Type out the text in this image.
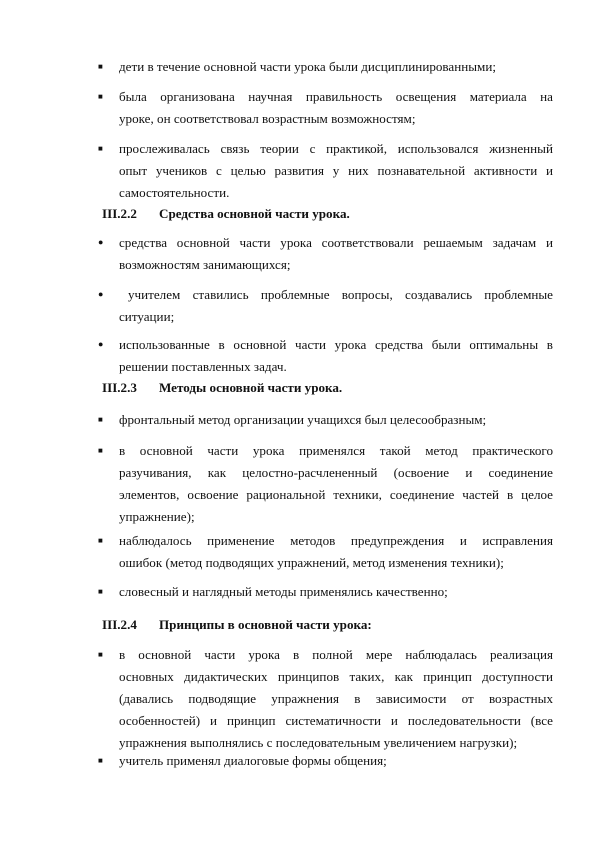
■	дети в течение основной части урока были дисциплинированными;
■	была организована научная правильность освещения материала на
уроке, он соответствовал возрастным возможностям;
■	прослеживалась связь теории с практикой, использовался жизненный
опыт учеников с целью развития у них познавательной активности и
самостоятельности.
III.2.2 Средства основной части урока.
●	средства основной части урока соответствовали решаемым задачам и
возможностям занимающихся;
●	учителем ставились проблемные вопросы, создавались проблемные
ситуации;
●	использованные в основной части урока средства были оптимальны в
решении поставленных задач.
III.2.3 Методы основной части урока.
■	фронтальный метод организации учащихся был целесообразным;
■	в основной части урока применялся такой метод практического
разучивания, как целостно-расчлененный (освоение и соединение
элементов, освоение рациональной техники, соединение частей в целое
упражнение);
■	наблюдалось применение методов предупреждения и исправления
ошибок (метод подводящих упражнений, метод изменения техники);
■	словесный и наглядный методы применялись качественно;
III.2.4 Принципы в основной части урока:
■	в основной части урока в полной мере наблюдалась реализация
основных дидактических принципов таких, как принцип доступности
(давались подводящие упражнения в зависимости от возрастных
особенностей) и принцип систематичности и последовательности (все
упражнения выполнялись с последовательным увеличением нагрузки);
■	учитель применял диалоговые формы общения;
